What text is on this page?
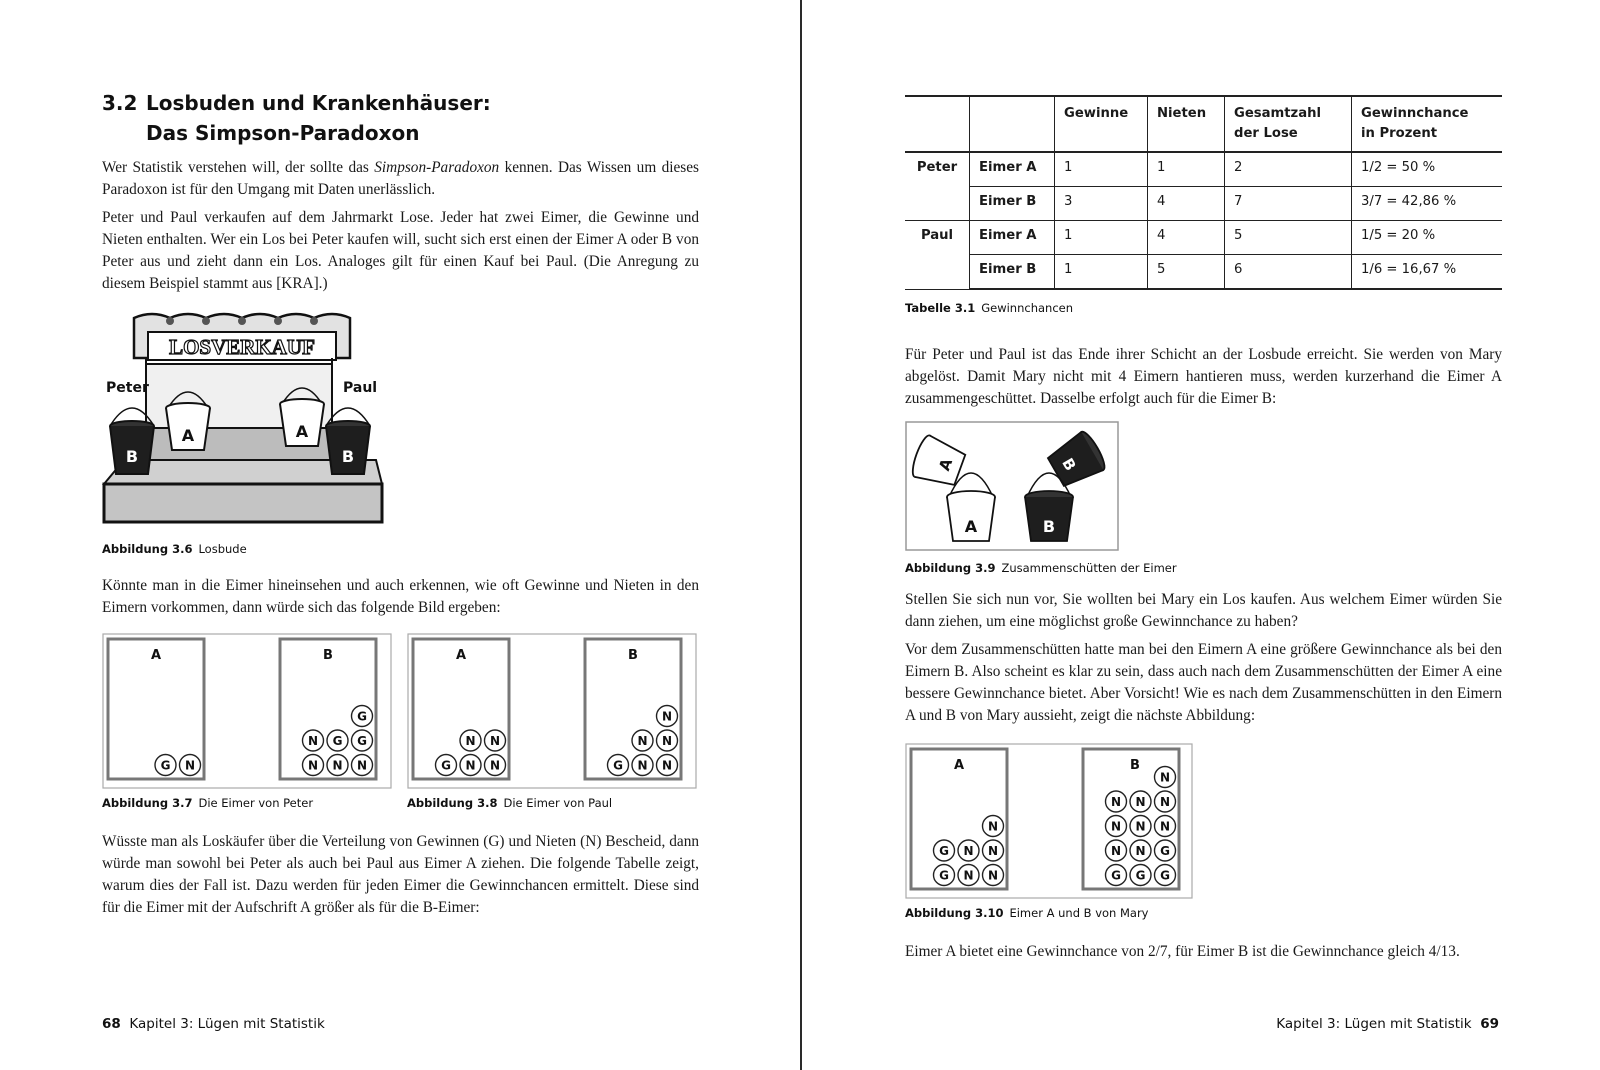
3.2 Losbuden und Krankenhäuser:
Das Simpson-Paradoxon

Wer Statistik verstehen will, der sollte das Simpson-Paradoxon kennen. Das Wissen um dieses Paradoxon ist für den Umgang mit Daten unerlässlich.

Peter und Paul verkaufen auf dem Jahrmarkt Lose. Jeder hat zwei Eimer, die Gewinne und Nieten enthalten. Wer ein Los bei Peter kaufen will, sucht sich erst einen der Eimer A oder B von Peter aus und zieht dann ein Los. Analoges gilt für einen Kauf bei Paul. (Die Anregung zu diesem Beispiel stammt aus [KRA].)

LOSVERKAUF
Peter	Paul
A
B
A
B
Abbildung 3.6 Losbude

Könnte man in die Eimer hineinsehen und auch erkennen, wie oft Gewinne und Nieten in den Eimern vorkommen, dann würde sich das folgende Bild ergeben:

G N
A
G
N G G
N N N
B
Abbildung 3.7 Die Eimer von Peter
N N
G N N
A
N
N N
G N N
B
Abbildung 3.8 Die Eimer von Paul

Wüsste man als Loskäufer über die Verteilung von Gewinnen (G) und Nieten (N) Bescheid, dann würde man sowohl bei Peter als auch bei Paul aus Eimer A ziehen. Die folgende Tabelle zeigt, warum dies der Fall ist. Dazu werden für jeden Eimer die Gewinnchancen ermittelt. Diese sind für die Eimer mit der Aufschrift A größer als für die B-Eimer:

68 Kapitel 3: Lügen mit Statistik
		Gewinne	Nieten	Gesamtzahl
der Lose	Gewinnchance
in Prozent
Peter	Eimer A	1	1	2	1/2 = 50 %
	Eimer B	3	4	7	3/7 = 42,86 %
Paul	Eimer A	1	4	5	1/5 = 20 %
	Eimer B	1	5	6	1/6 = 16,67 %
Tabelle 3.1 Gewinnchancen

Für Peter und Paul ist das Ende ihrer Schicht an der Losbude erreicht. Sie werden von Mary abgelöst. Damit Mary nicht mit 4 Eimern hantieren muss, werden kurzerhand die Eimer A zusammengeschüttet. Dasselbe erfolgt auch für die Eimer B:

A
A
B
B
Abbildung 3.9 Zusammenschütten der Eimer

Stellen Sie sich nun vor, Sie wollten bei Mary ein Los kaufen. Aus welchem Eimer würden Sie dann ziehen, um eine möglichst große Gewinnchance zu haben?

Vor dem Zusammenschütten hatte man bei den Eimern A eine größere Gewinnchance als bei den Eimern B. Also scheint es klar zu sein, dass auch nach dem Zusammenschütten der Eimer A eine bessere Gewinnchance bietet. Aber Vorsicht! Wie es nach dem Zusammenschütten in den Eimern A und B von Mary aussieht, zeigt die nächste Abbildung:

N
G N N
G N N
A
N
N N N
N N N
N N G
G G G
B
Abbildung 3.10 Eimer A und B von Mary

Eimer A bietet eine Gewinnchance von 2/7, für Eimer B ist die Gewinnchance gleich 4/13.

Kapitel 3: Lügen mit Statistik 69
